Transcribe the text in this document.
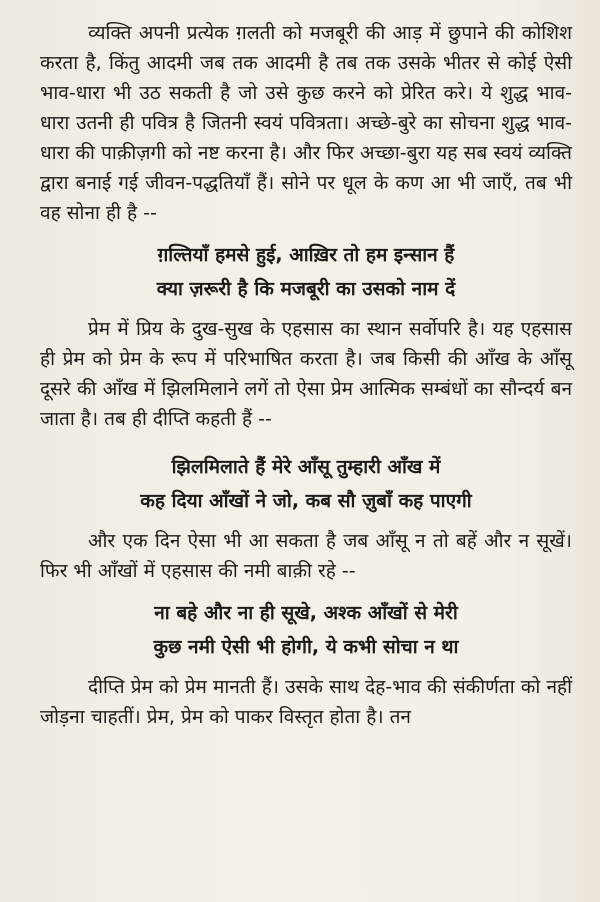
व्यक्ति अपनी प्रत्येक ग़लती को मजबूरी की आड़ में छुपाने की कोशिश करता है, किंतु आदमी जब तक आदमी है तब तक उसके भीतर से कोई ऐसी भाव-धारा भी उठ सकती है जो उसे कुछ करने को प्रेरित करे। ये शुद्ध भाव-धारा उतनी ही पवित्र है जितनी स्वयं पवित्रता। अच्छे-बुरे का सोचना शुद्ध भाव-धारा की पाक़ीज़गी को नष्ट करना है। और फिर अच्छा-बुरा यह सब स्वयं व्यक्ति द्वारा बनाई गई जीवन-पद्धतियाँ हैं। सोने पर धूल के कण आ भी जाएँ, तब भी वह सोना ही है --

ग़ल्तियाँ हमसे हुई, आख़िर तो हम इन्सान हैं
क्या ज़रूरी है कि मजबूरी का उसको नाम दें

प्रेम में प्रिय के दुख-सुख के एहसास का स्थान सर्वोपरि है। यह एहसास ही प्रेम को प्रेम के रूप में परिभाषित करता है। जब किसी की आँख के आँसू दूसरे की आँख में झिलमिलाने लगें तो ऐसा प्रेम आत्मिक सम्बंधों का सौन्दर्य बन जाता है। तब ही दीप्ति कहती हैं --

झिलमिलाते हैं मेरे आँसू तुम्हारी आँख में
कह दिया आँखों ने जो, कब सौ ज़ुबाँ कह पाएगी

और एक दिन ऐसा भी आ सकता है जब आँसू न तो बहें और न सूखें। फिर भी आँखों में एहसास की नमी बाक़ी रहे --

ना बहे और ना ही सूखे, अश्क आँखों से मेरी
कुछ नमी ऐसी भी होगी, ये कभी सोचा न था

दीप्ति प्रेम को प्रेम मानती हैं। उसके साथ देह-भाव की संकीर्णता को नहीं जोड़ना चाहतीं। प्रेम, प्रेम को पाकर विस्तृत होता है। तन
